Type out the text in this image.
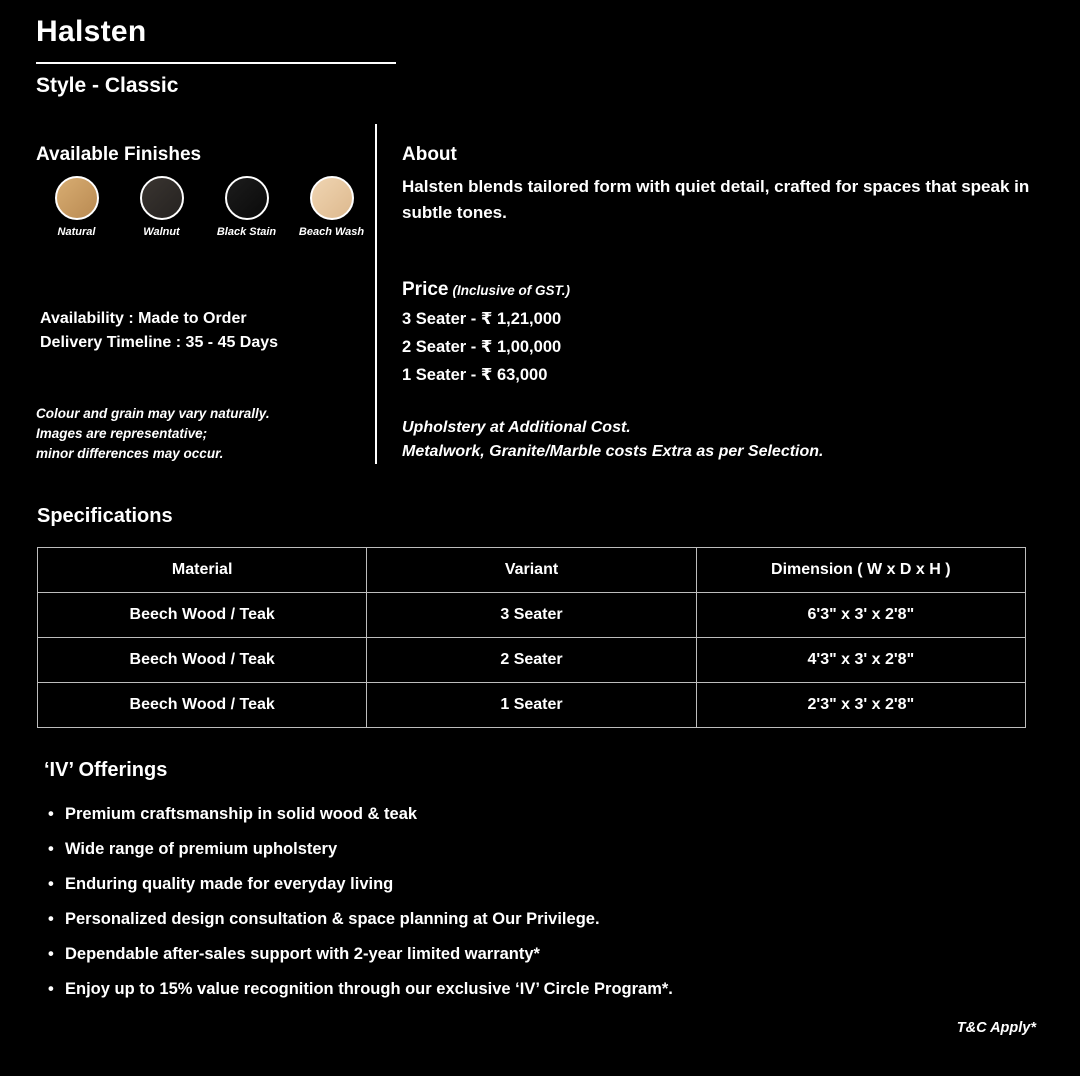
Halsten
Style - Classic
Available Finishes
Natural	Walnut	Black Stain Beach Wash
Availability : Made to Order
Delivery Timeline : 35 - 45 Days
Colour and grain may vary naturally.
Images are representative;
minor differences may occur.
About
Halsten blends tailored form with quiet detail, crafted for spaces that speak in subtle tones.
Price (Inclusive of GST.)
3 Seater - ₹ 1,21,000
2 Seater - ₹ 1,00,000
1 Seater - ₹ 63,000
Upholstery at Additional Cost.
Metalwork, Granite/Marble costs Extra as per Selection.
Specifications
Material	Variant	Dimension ( W x D x H )
Beech Wood / Teak	3 Seater	6'3" x 3' x 2'8"
Beech Wood / Teak	2 Seater	4'3" x 3' x 2'8"
Beech Wood / Teak	1 Seater	2'3" x 3' x 2'8"
‘IV’ Offerings
• Premium craftsmanship in solid wood & teak
• Wide range of premium upholstery
• Enduring quality made for everyday living
• Personalized design consultation & space planning at Our Privilege.
• Dependable after-sales support with 2-year limited warranty*
• Enjoy up to 15% value recognition through our exclusive ‘IV’ Circle Program*.
T&C Apply*
